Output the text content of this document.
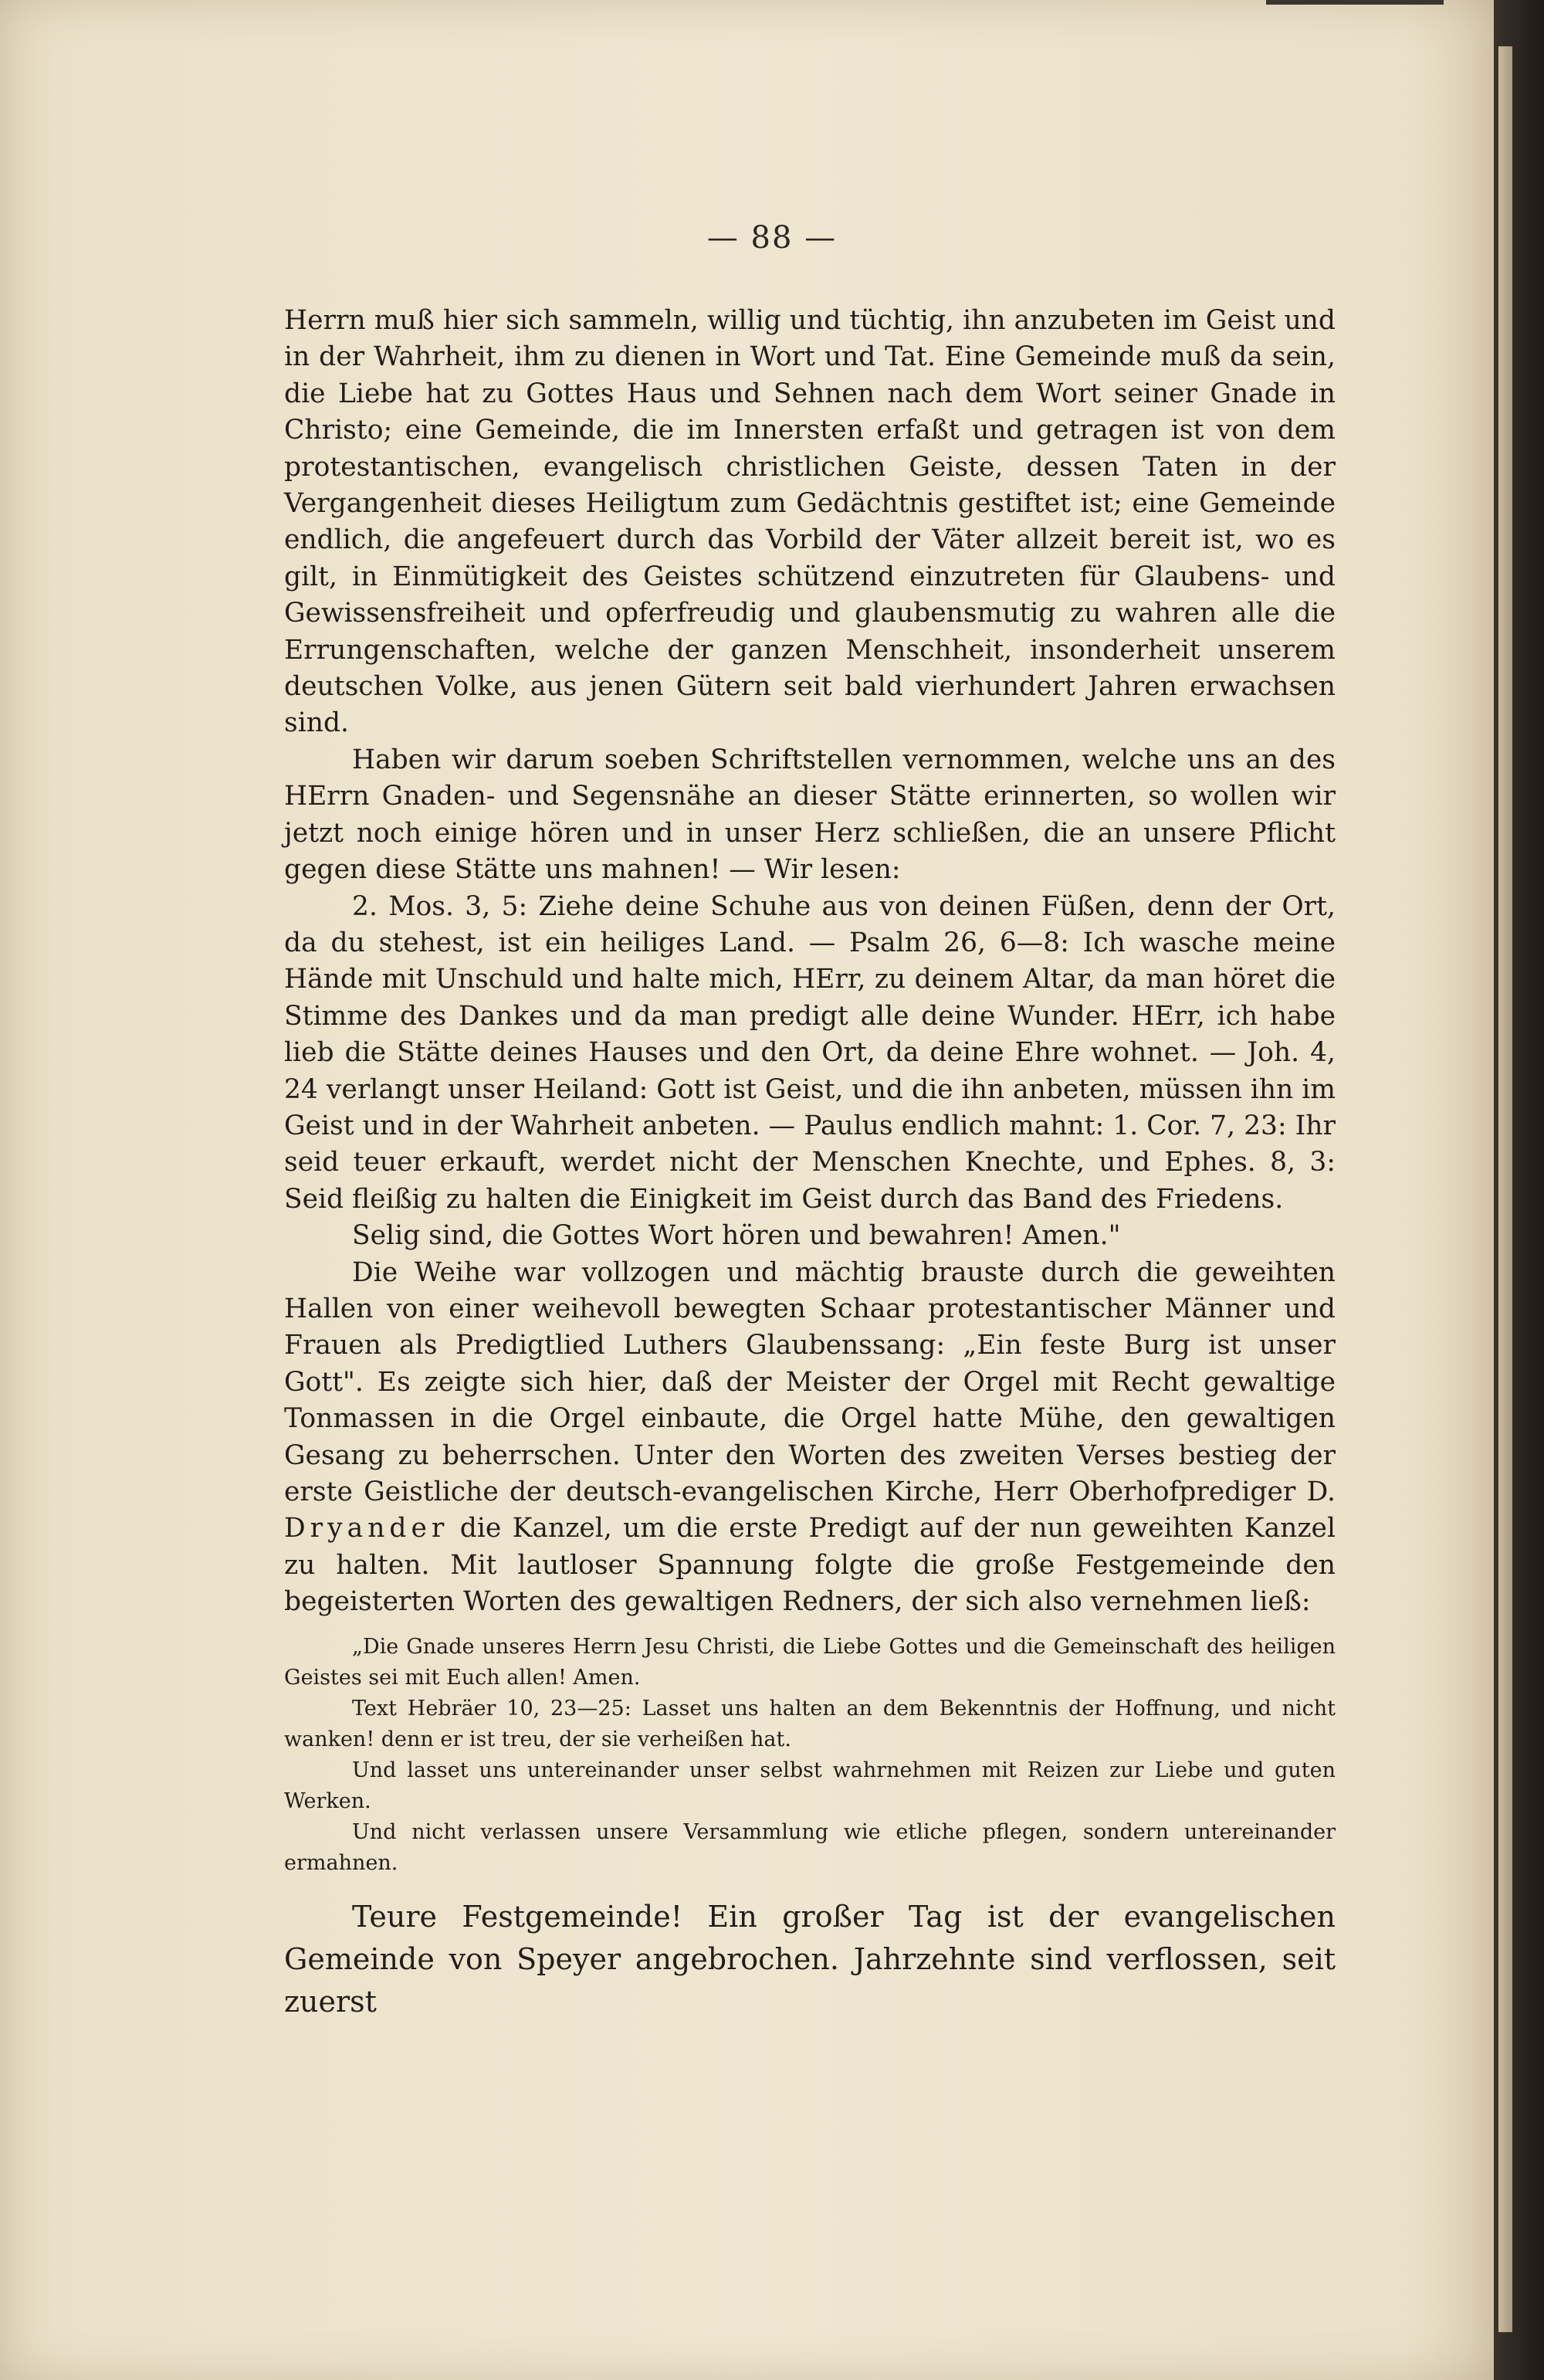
— 88 —

Herrn muß hier sich sammeln, willig und tüchtig, ihn anzubeten im Geist und in der Wahrheit, ihm zu dienen in Wort und Tat. Eine Gemeinde muß da sein, die Liebe hat zu Gottes Haus und Sehnen nach dem Wort seiner Gnade in Christo; eine Gemeinde, die im Innersten erfaßt und getragen ist von dem protestantischen, evangelisch christlichen Geiste, dessen Taten in der Vergangenheit dieses Heiligtum zum Gedächtnis gestiftet ist; eine Gemeinde endlich, die angefeuert durch das Vorbild der Väter allzeit bereit ist, wo es gilt, in Einmütigkeit des Geistes schützend einzutreten für Glaubens- und Gewissensfreiheit und opferfreudig und glaubensmutig zu wahren alle die Errungenschaften, welche der ganzen Menschheit, insonderheit unserem deutschen Volke, aus jenen Gütern seit bald vierhundert Jahren erwachsen sind.

Haben wir darum soeben Schriftstellen vernommen, welche uns an des HErrn Gnaden- und Segensnähe an dieser Stätte erinnerten, so wollen wir jetzt noch einige hören und in unser Herz schließen, die an unsere Pflicht gegen diese Stätte uns mahnen! — Wir lesen:

2. Mos. 3, 5: Ziehe deine Schuhe aus von deinen Füßen, denn der Ort, da du stehest, ist ein heiliges Land. — Psalm 26, 6—8: Ich wasche meine Hände mit Unschuld und halte mich, HErr, zu deinem Altar, da man höret die Stimme des Dankes und da man predigt alle deine Wunder. HErr, ich habe lieb die Stätte deines Hauses und den Ort, da deine Ehre wohnet. — Joh. 4, 24 verlangt unser Heiland: Gott ist Geist, und die ihn anbeten, müssen ihn im Geist und in der Wahrheit anbeten. — Paulus endlich mahnt: 1. Cor. 7, 23: Ihr seid teuer erkauft, werdet nicht der Menschen Knechte, und Ephes. 8, 3: Seid fleißig zu halten die Einigkeit im Geist durch das Band des Friedens.

Selig sind, die Gottes Wort hören und bewahren! Amen."

Die Weihe war vollzogen und mächtig brauste durch die geweihten Hallen von einer weihevoll bewegten Schaar protestantischer Männer und Frauen als Predigtlied Luthers Glaubenssang: „Ein feste Burg ist unser Gott". Es zeigte sich hier, daß der Meister der Orgel mit Recht gewaltige Tonmassen in die Orgel einbaute, die Orgel hatte Mühe, den gewaltigen Gesang zu beherrschen. Unter den Worten des zweiten Verses bestieg der erste Geistliche der deutsch-evangelischen Kirche, Herr Oberhofprediger D. Dryander die Kanzel, um die erste Predigt auf der nun geweihten Kanzel zu halten. Mit lautloser Spannung folgte die große Festgemeinde den begeisterten Worten des gewaltigen Redners, der sich also vernehmen ließ:

„Die Gnade unseres Herrn Jesu Christi, die Liebe Gottes und die Gemeinschaft des heiligen Geistes sei mit Euch allen! Amen.

Text Hebräer 10, 23—25: Lasset uns halten an dem Bekenntnis der Hoffnung, und nicht wanken! denn er ist treu, der sie verheißen hat.

Und lasset uns untereinander unser selbst wahrnehmen mit Reizen zur Liebe und guten Werken.

Und nicht verlassen unsere Versammlung wie etliche pflegen, sondern untereinander ermahnen.

Teure Festgemeinde! Ein großer Tag ist der evangelischen Gemeinde von Speyer angebrochen. Jahrzehnte sind verflossen, seit zuerst
